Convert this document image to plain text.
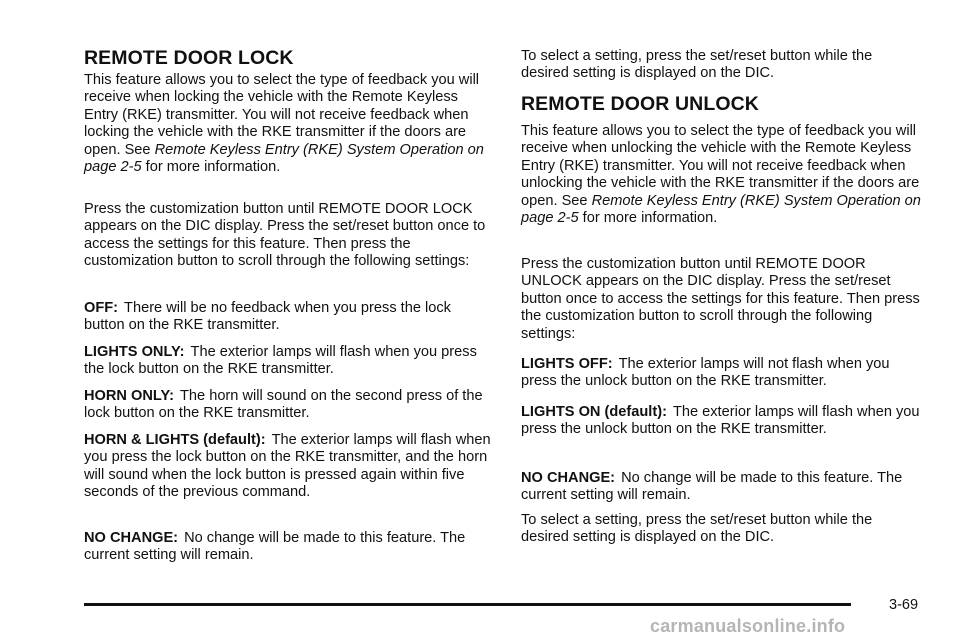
REMOTE DOOR LOCK

This feature allows you to select the type of feedback you will receive when locking the vehicle with the Remote Keyless Entry (RKE) transmitter. You will not receive feedback when locking the vehicle with the RKE transmitter if the doors are open. See Remote Keyless Entry (RKE) System Operation on page 2-5 for more information.

Press the customization button until REMOTE DOOR LOCK appears on the DIC display. Press the set/reset button once to access the settings for this feature. Then press the customization button to scroll through the following settings:

OFF: There will be no feedback when you press the lock button on the RKE transmitter.

LIGHTS ONLY: The exterior lamps will flash when you press the lock button on the RKE transmitter.

HORN ONLY: The horn will sound on the second press of the lock button on the RKE transmitter.

HORN & LIGHTS (default): The exterior lamps will flash when you press the lock button on the RKE transmitter, and the horn will sound when the lock button is pressed again within five seconds of the previous command.

NO CHANGE: No change will be made to this feature. The current setting will remain.

To select a setting, press the set/reset button while the desired setting is displayed on the DIC.

REMOTE DOOR UNLOCK

This feature allows you to select the type of feedback you will receive when unlocking the vehicle with the Remote Keyless Entry (RKE) transmitter. You will not receive feedback when unlocking the vehicle with the RKE transmitter if the doors are open. See Remote Keyless Entry (RKE) System Operation on page 2-5 for more information.

Press the customization button until REMOTE DOOR UNLOCK appears on the DIC display. Press the set/reset button once to access the settings for this feature. Then press the customization button to scroll through the following settings:

LIGHTS OFF: The exterior lamps will not flash when you press the unlock button on the RKE transmitter.

LIGHTS ON (default): The exterior lamps will flash when you press the unlock button on the RKE transmitter.

NO CHANGE: No change will be made to this feature. The current setting will remain.

To select a setting, press the set/reset button while the desired setting is displayed on the DIC.

3-69
carmanualsonline.info
